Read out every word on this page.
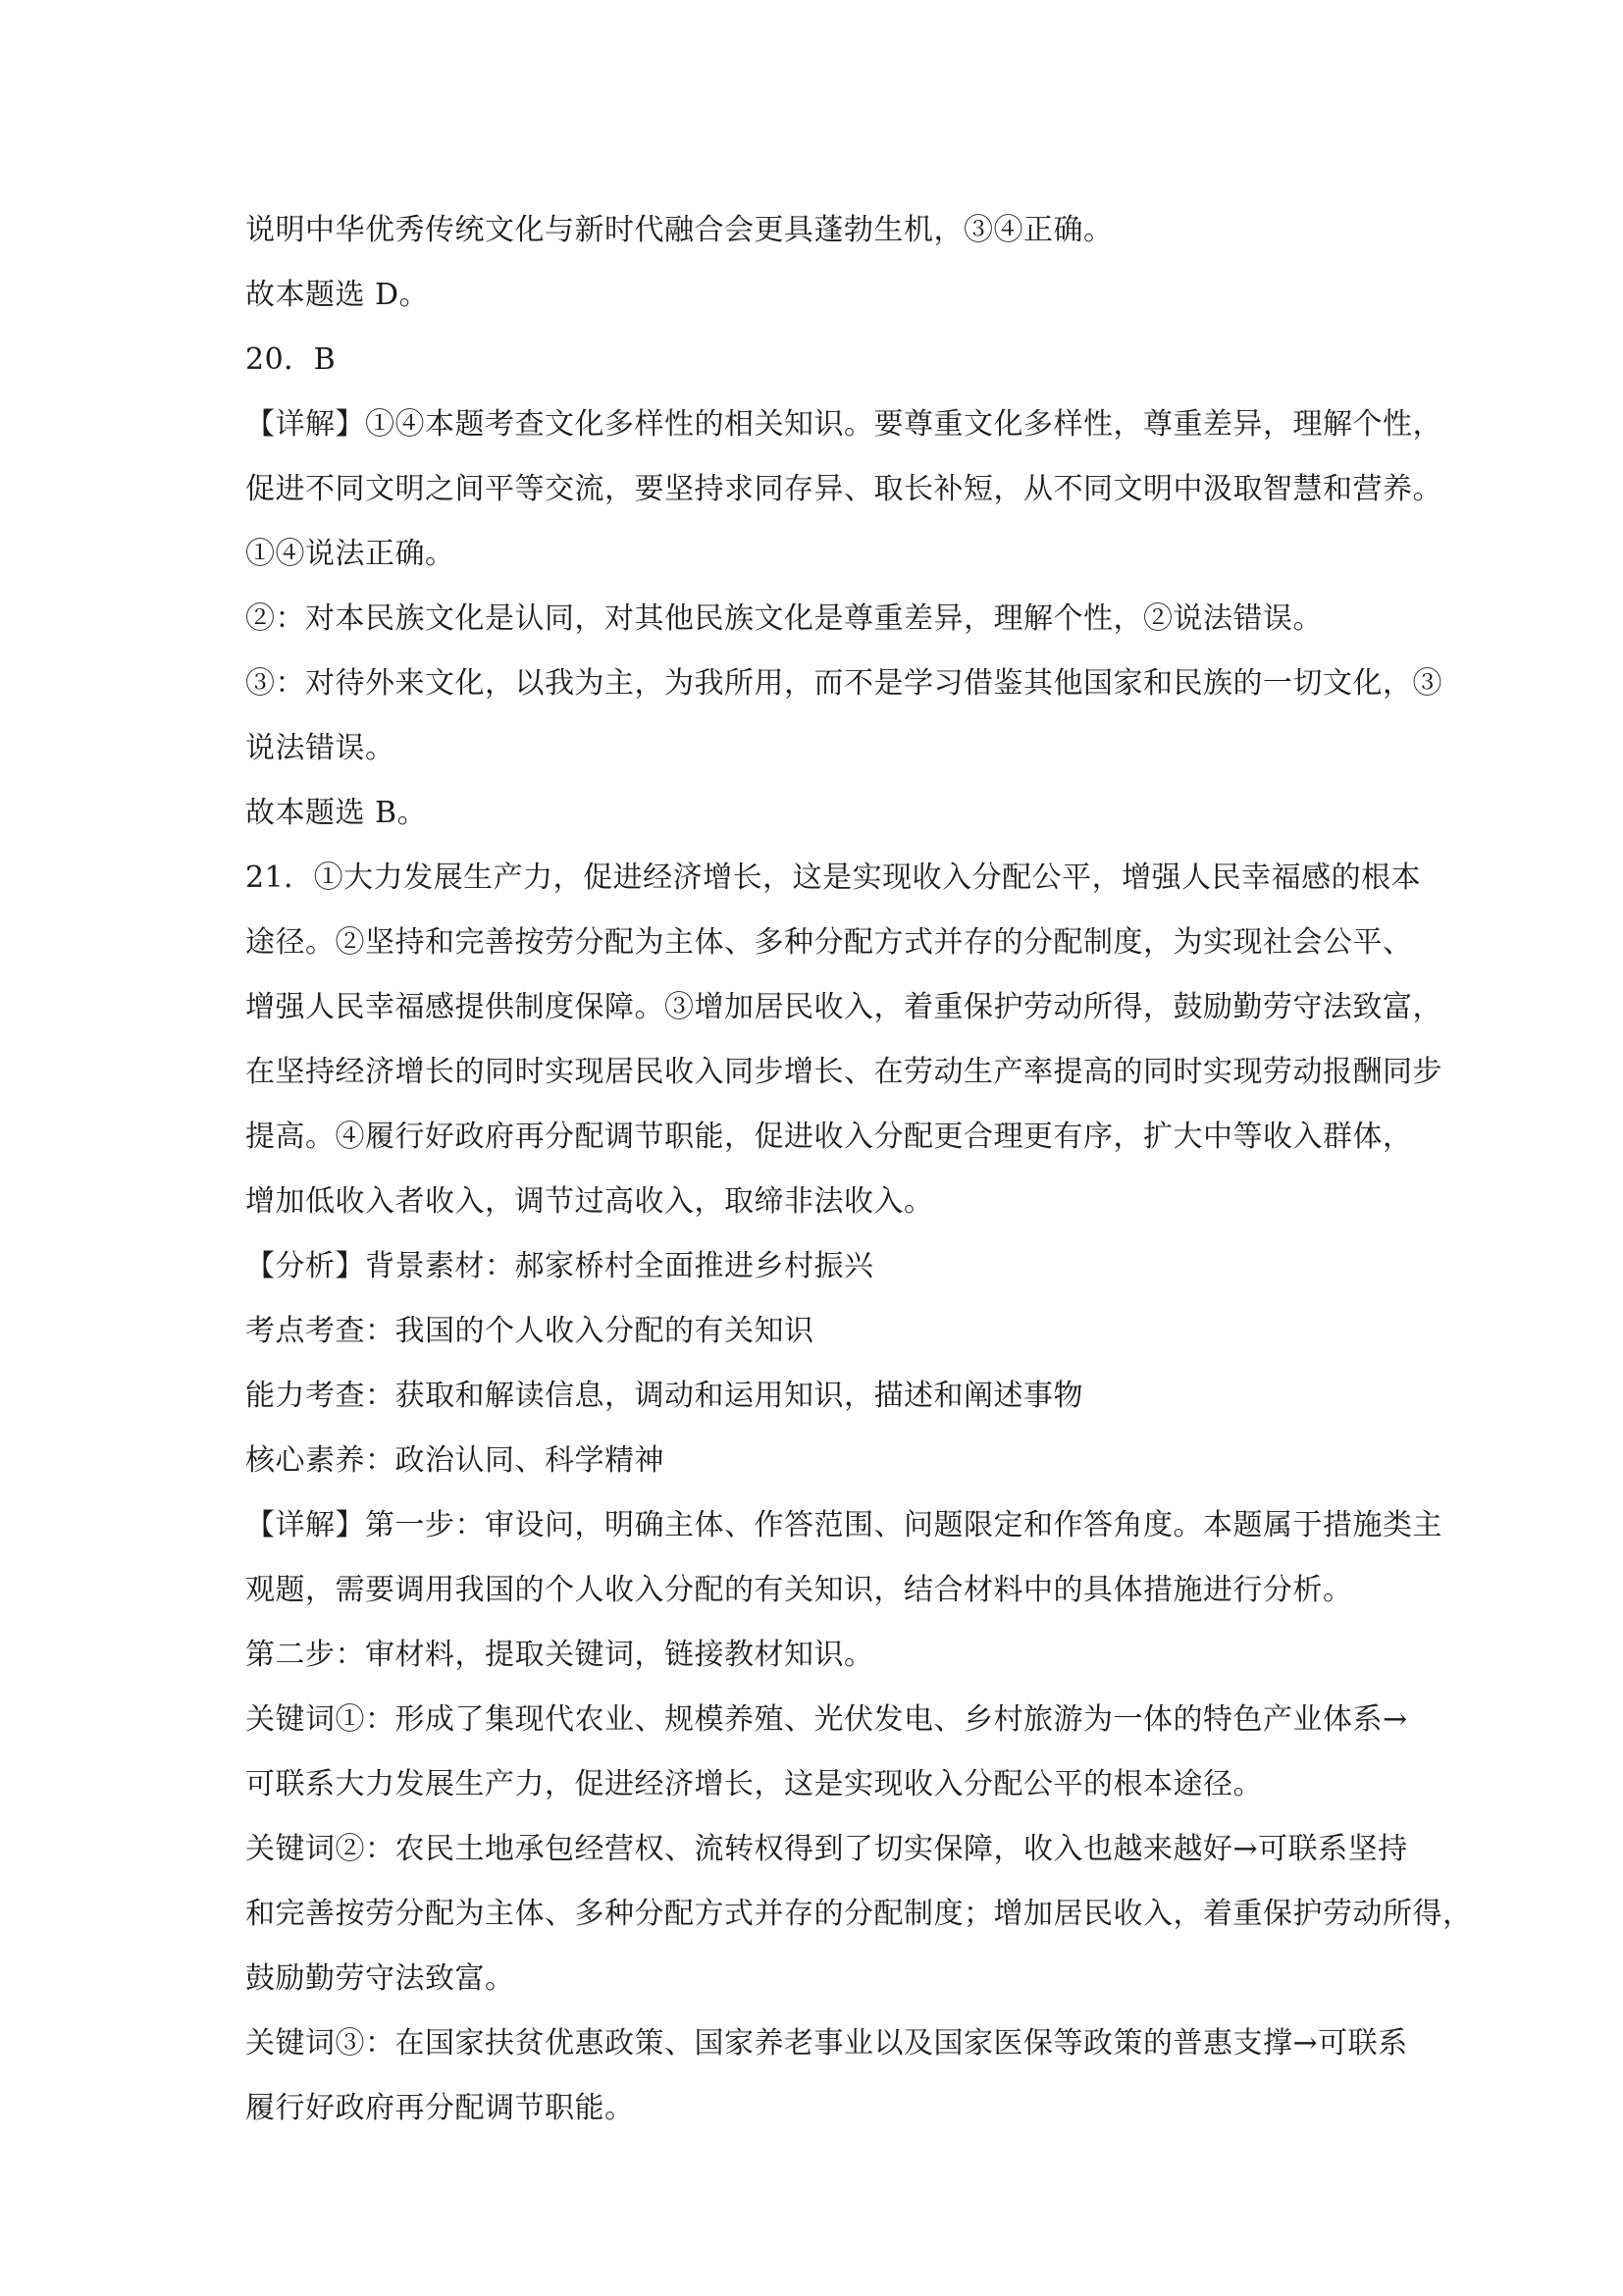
说明中华优秀传统文化与新时代融合会更具蓬勃生机，③④正确。
故本题选 D。
20．B
【详解】①④本题考查文化多样性的相关知识。要尊重文化多样性，尊重差异，理解个性，
促进不同文明之间平等交流，要坚持求同存异、取长补短，从不同文明中汲取智慧和营养。
①④说法正确。
②：对本民族文化是认同，对其他民族文化是尊重差异，理解个性，②说法错误。
③：对待外来文化，以我为主，为我所用，而不是学习借鉴其他国家和民族的一切文化，③
说法错误。
故本题选 B。
21．①大力发展生产力，促进经济增长，这是实现收入分配公平，增强人民幸福感的根本
途径。②坚持和完善按劳分配为主体、多种分配方式并存的分配制度，为实现社会公平、
增强人民幸福感提供制度保障。③增加居民收入，着重保护劳动所得，鼓励勤劳守法致富，
在坚持经济增长的同时实现居民收入同步增长、在劳动生产率提高的同时实现劳动报酬同步
提高。④履行好政府再分配调节职能，促进收入分配更合理更有序，扩大中等收入群体，
增加低收入者收入，调节过高收入，取缔非法收入。
【分析】背景素材：郝家桥村全面推进乡村振兴
考点考查：我国的个人收入分配的有关知识
能力考查：获取和解读信息，调动和运用知识，描述和阐述事物
核心素养：政治认同、科学精神
【详解】第一步：审设问，明确主体、作答范围、问题限定和作答角度。本题属于措施类主
观题，需要调用我国的个人收入分配的有关知识，结合材料中的具体措施进行分析。
第二步：审材料，提取关键词，链接教材知识。
关键词①：形成了集现代农业、规模养殖、光伏发电、乡村旅游为一体的特色产业体系→
可联系大力发展生产力，促进经济增长，这是实现收入分配公平的根本途径。
关键词②：农民土地承包经营权、流转权得到了切实保障，收入也越来越好→可联系坚持
和完善按劳分配为主体、多种分配方式并存的分配制度；增加居民收入，着重保护劳动所得，
鼓励勤劳守法致富。
关键词③：在国家扶贫优惠政策、国家养老事业以及国家医保等政策的普惠支撑→可联系
履行好政府再分配调节职能。
